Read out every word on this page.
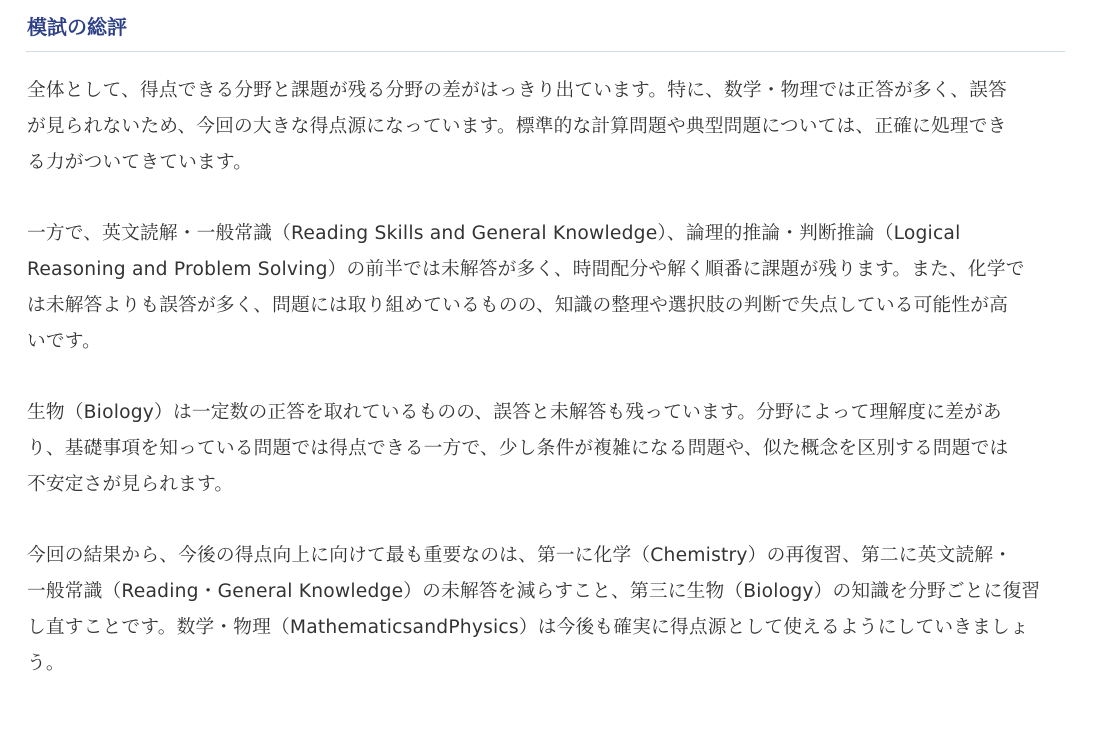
模試の総評

全体として、得点できる分野と課題が残る分野の差がはっきり出ています。特に、数学・物理では正答が多く、誤答
が見られないため、今回の大きな得点源になっています。標準的な計算問題や典型問題については、正確に処理でき
る力がついてきています。

一方で、英文読解・一般常識（Reading Skills and General Knowledge）、論理的推論・判断推論（Logical
Reasoning and Problem Solving）の前半では未解答が多く、時間配分や解く順番に課題が残ります。また、化学で
は未解答よりも誤答が多く、問題には取り組めているものの、知識の整理や選択肢の判断で失点している可能性が高
いです。

生物（Biology）は一定数の正答を取れているものの、誤答と未解答も残っています。分野によって理解度に差があ
り、基礎事項を知っている問題では得点できる一方で、少し条件が複雑になる問題や、似た概念を区別する問題では
不安定さが見られます。

今回の結果から、今後の得点向上に向けて最も重要なのは、第一に化学（Chemistry）の再復習、第二に英文読解・
一般常識（Reading・General Knowledge）の未解答を減らすこと、第三に生物（Biology）の知識を分野ごとに復習
し直すことです。数学・物理（MathematicsandPhysics）は今後も確実に得点源として使えるようにしていきましょ
う。
